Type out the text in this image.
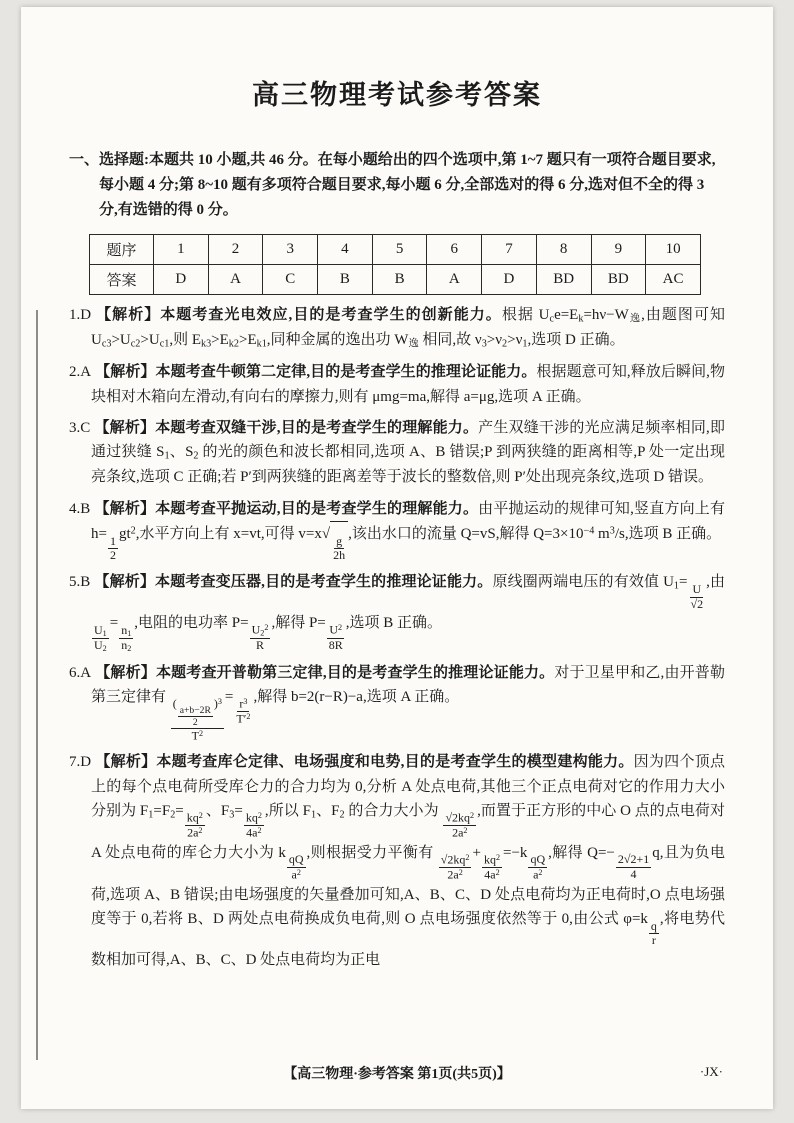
高三物理考试参考答案

一、选择题:本题共 10 小题,共 46 分。在每小题给出的四个选项中,第 1~7 题只有一项符合题目要求,每小题 4 分;第 8~10 题有多项符合题目要求,每小题 6 分,全部选对的得 6 分,选对但不全的得 3 分,有选错的得 0 分。

题序	1	2	3	4	5	6	7	8	9	10
答案	D	A	C	B	B	A	D	BD	BD	AC

1.D 【解析】本题考查光电效应,目的是考查学生的创新能力。根据 $U_ce=E_k=h\nu-W_逸$,由题图可知 $U_{c3}>U_{c2}>U_{c1}$,则 $E_{k3}>E_{k2}>E_{k1}$,同种金属的逸出功 $W_逸$ 相同,故 $\nu_3>\nu_2>\nu_1$,选项 D 正确。

2.A 【解析】本题考查牛顿第二定律,目的是考查学生的推理论证能力。根据题意可知,释放后瞬间,物块相对木箱向左滑动,有向右的摩擦力,则有 μmg=ma,解得 a=μg,选项 A 正确。

3.C 【解析】本题考查双缝干涉,目的是考查学生的理解能力。产生双缝干涉的光应满足频率相同,即通过狭缝 $S_1$、$S_2$ 的光的颜色和波长都相同,选项 A、B 错误;P 到两狭缝的距离相等,P 处一定出现亮条纹,选项 C 正确;若 P′到两狭缝的距离差等于波长的整数倍,则 P′处出现亮条纹,选项 D 错误。

4.B 【解析】本题考查平抛运动,目的是考查学生的理解能力。由平抛运动的规律可知,竖直方向上有 h=
$\frac{1}{2}$
$gt^2$,水平方向上有 x=vt,可得 v=x√
$\frac{g}{2h}$
,该出水口的流量 Q=vS,解得 $Q=3\times 10^{-4}$ $m^3/s$,选项 B 正确。

5.B 【解析】本题考查变压器,目的是考查学生的推理论证能力。原线圈两端电压的有效值 $U_1=$
$\frac{U}{√2}$
,由
$\frac{U_1}{U_2}$
=
$\frac{n_1}{n_2}$
,电阻的电功率 $P= \frac{U_2^2}{R}$ ,解得 $P= \frac{U^2}{8R}$ ,选项 B 正确。

6.A 【解析】本题考查开普勒第三定律,目的是考查学生的推理论证能力。对于卫星甲和乙,由开普勒第三定律有 (
$\frac{a+b-2R}{2}$
)$^3$
$T^2 = \frac{r^3}{T'^2}$ ,解得 b=2(r−R)−a,选项 A 正确。

7.D 【解析】本题考查库仑定律、电场强度和电势,目的是考查学生的模型建构能力。因为四个顶点上的每个点电荷所受库仑力的合力均为 0,分析 A 处点电荷,其他三个正点电荷对它的作用力大小分别为 $F_1=F_2= \frac{kq^2}{2a^2}$ 、$F_3= \frac{kq^2}{4a^2}$ ,所以 $F_1$、$F_2$ 的合力大小为 $\frac{√2kq^2}{2a^2}$ ,而置于正方形的中心 O 点的点电荷对 A 处点电荷的库仑力大小为 k
$\frac{qQ}{a^2}$
,则根据受力平衡有 $\frac{√2kq^2}{2a^2} + \frac{kq^2}{4a^2} =-k$
$\frac{qQ}{a^2}$
,解得 Q=−
$\frac{2√2+1}{4}$
q,且为负电荷,选项 A、B 错误;由电场强度的矢量叠加可知,A、B、C、D 处点电荷均为正电荷时,O 点电场强度等于 0,若将 B、D 两处点电荷换成负电荷,则 O 点电场强度依然等于 0,由公式 φ=k
$\frac{q}{r}$
,将电势代数相加可得,A、B、C、D 处点电荷均为正电

【高三物理·参考答案 第1页(共5页)】	·JX·
